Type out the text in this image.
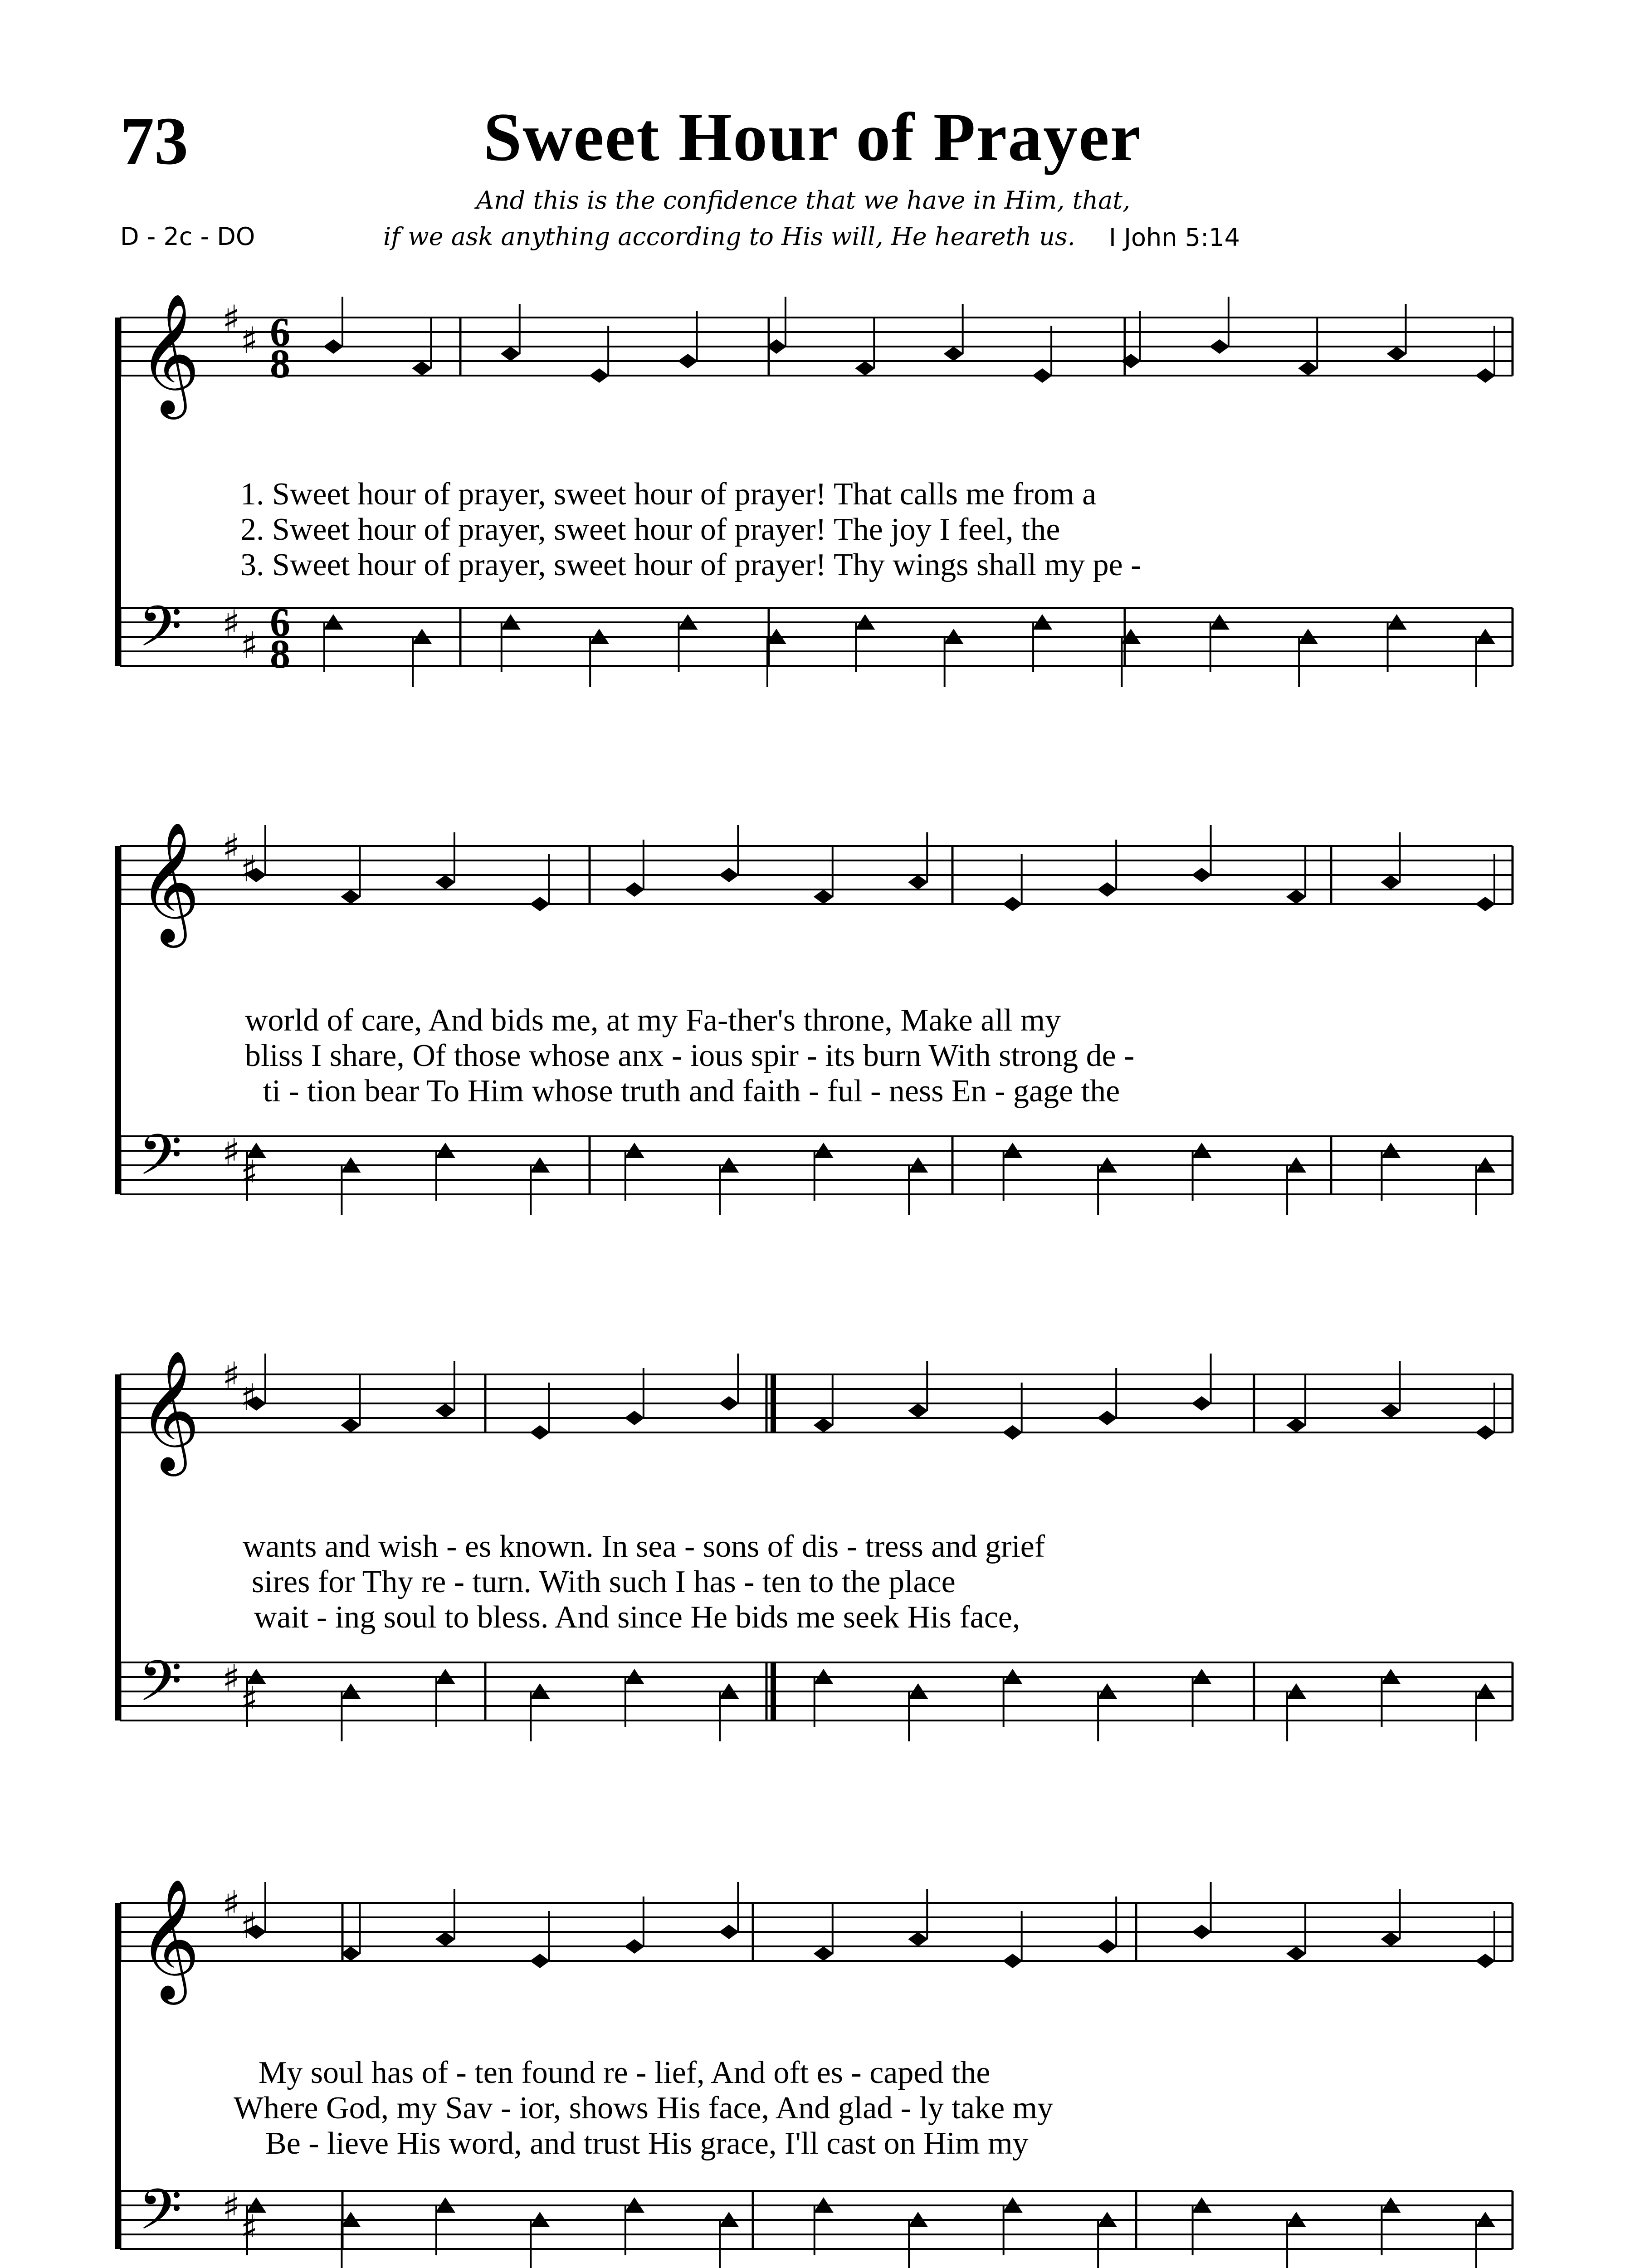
73	Sweet Hour of Prayer
And this is the confidence that we have in Him, that,
if we ask anything according to His will, He heareth us. I John 5:14
D - 2c - DO
𝄞
𝄢
♯
♯
♯
♯
6
8
6
8
𝄞
𝄢
♯
♯
♯
♯
𝄞
𝄢
♯
♯
♯
♯
𝄞
𝄢
♯
♯
♯
♯
1. Sweet hour of prayer, sweet hour of prayer! That calls me from a
2. Sweet hour of prayer, sweet hour of prayer! The joy I feel, the
3. Sweet hour of prayer, sweet hour of prayer! Thy wings shall my pe -
world of care, And bids me, at my Fa-ther's throne, Make all my
bliss I share, Of those whose anx - ious spir - its burn With strong de -
ti - tion bear To Him whose truth and faith - ful - ness En - gage the
wants and wish - es known. In sea - sons of dis - tress and grief
sires for Thy re - turn. With such I has - ten to the place
wait - ing soul to bless. And since He bids me seek His face,
My soul has of - ten found re - lief, And oft es - caped the
Where God, my Sav - ior, shows His face, And glad - ly take my
Be - lieve His word, and trust His grace, I'll cast on Him my
